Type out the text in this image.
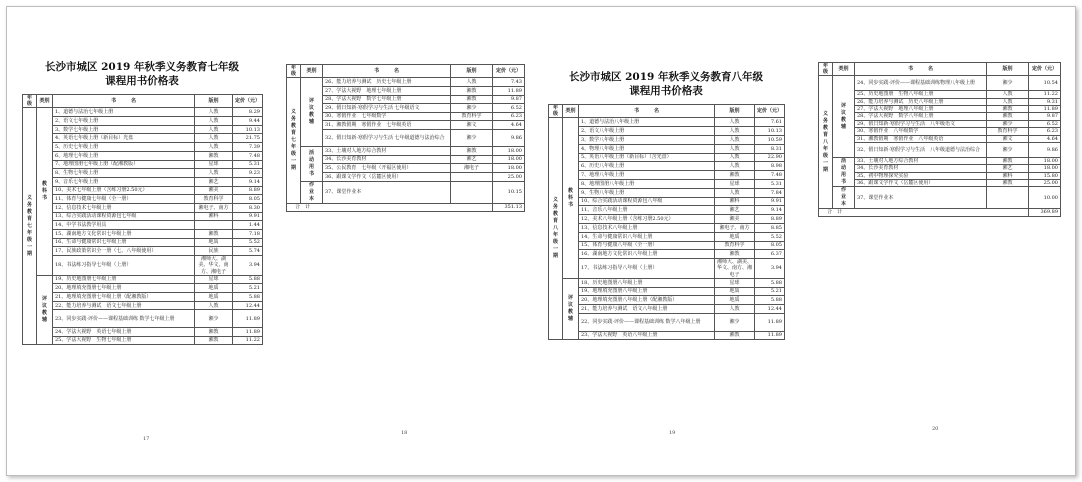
长沙市城区 2019 年秋季义务教育七年级
课程用书价格表
年级	类别	书　　　名	版别	定价（元）
义务教育七年级一期	教科书	1、道德与法治七年级上册	人教	8.29
		2、语文七年级上册	人教	9.44
		3、数学七年级上册	人教	10.13
		4、英语七年级上册（新目标）光盘	人教	21.75
		5、历史七年级上册	人教	7.39
		6、地理七年级上册	湘教	7.48
		7、地理图册七年级上册（配湘教版）	星球	5.31
		8、生物七年级上册	人教	9.23
		9、音乐七年级上册	湘艺	9.14
		10、美术七年级上册（含练习册2.50元）	湘美	8.89
		11、体育与健康七年级（全一册）	教育科学	8.05
		12、信息技术七年级上册	湘电子、南方	8.30
		13、综合实践活动课程资源包七年级	湘科	9.91
		14、中学书法教学用具		1.44
		15、湖南地方文化常识七年级上册	湘教	7.18
		16、生命与健康常识七年级上册	地质	5.52
		17、民族政策常识全一册（七、八年级使用）	民族	5.74
		18、书法练习指导七年级（上册）	湘师大、湖美、华文、南方、湘电子	3.94
	评议教辅	19、历史地图册七年级上册	星球	5.88
		20、地理填充图册七年级上册	地质	5.21
		21、地理填充图册七年级上册（配湘教版）	地质	5.88
		22、能力培养与测试　语文七年级上册	人教	12.44
		23、同步实践·评价——课程基础训练 数学七年级上册	湘少	11.89
		24、学法大视野　英语七年级上册	湘教	11.89
		25、学法大视野　生物七年级上册	湘教	11.22
17
年级	类别	书　　　名	版别	定价（元）
义务教育七年级一期	评议教辅	26、能力培养与测试　历史七年级上册	人教	7.43
		27、学法大视野　地理七年级上册	湘教	11.89
		28、学法大视野　数学七年级上册	湘教	9.87
		29、假日知新·寒假学习与生活 七年级语文	湘少	6.52
		30、寒假作业　七年级数学	教育科学	6.23
		31、湘教假期　寒假作业　七年级英语	湘文	4.64
		32、假日知新·寒假学习与生活 七年级道德与法治综合	湘少	9.86
	活动用书	33、土壤对人地方综合教材	湘教	18.00
		34、长沙美育教材	湘艺	18.00
		35、公民教育　七年级（开福区使用）	湘电子	18.00
		36、跟课文学作文（岳麓区使用）		25.00
	作业本	37、课堂作业本		10.15
合　计				351.13
18
长沙市城区 2019 年秋季义务教育八年级
课程用书价格表
年级	类别	书　　　名	版别	定价（元）
义务教育八年级一期	教科书	1、道德与法治八年级上册	人教	7.61
		2、语文八年级上册	人教	10.13
		3、数学八年级上册	人教	10.59
		4、物理八年级上册	人教	8.31
		5、英语八年级上册（新目标）（含光盘）	人教	22.90
		6、历史八年级上册	人教	8.98
		7、地理八年级上册	湘教	7.48
		8、地理图册八年级上册	星球	5.31
		9、生物八年级上册	人教	7.84
		10、综合实践活动课程资源包八年级	湘科	9.91
		11、音乐八年级上册	湘艺	9.14
		12、美术八年级上册（含练习册2.50元）	湘美	8.89
		13、信息技术八年级上册	湘电子、南方	8.85
		14、生命与健康常识八年级上册	地质	5.52
		15、体育与健康八年级（全一册）	教育科学	8.05
		16、湖南地方文化常识八年级上册	湘教	6.37
		17、书法练习指导八年级（上册）	湘师大、湖美、华文、南方、湘电子	3.94
	评议教辅	18、历史地图册八年级上册	星球	5.88
		19、地理填充图册八年级上册	地质	5.21
		20、地理填充图册八年级上册（配湘教版）	地质	5.88
		21、能力培养与测试　语文八年级上册	人教	12.44
		22、同步实践·评价——课程基础训练 数学八年级上册	湘少	11.89
		23、学法大视野　英语八年级上册	湘教	11.89
19
年级	类别	书　　　名	版别	定价（元）
义务教育八年级一期	评议教辅	24、同步实践·评价——课程基础训练物理八年级上册	湘少	10.54
		25、历史地图册　生物八年级上册	人教	11.22
		26、能力培养与测试　历史八年级上册	人教	9.31
		27、学法大视野　地理八年级上册	湘教	11.89
		28、学法大视野　数学八年级上册	湘教	9.87
		29、假日知新·寒假学习与生活　八年级语文	湘少	6.52
		30、寒假作业　八年级数学	教育科学	6.23
		31、湘教假期　寒假作业　八年级英语	湘文	4.64
		32、假日知新·寒假学习与生活　八年级道德与法治综合	湘少	9.86
	活动用书	33、土壤对人地方综合教材	湘教	18.00
		34、长沙美育教材	湘艺	18.00
		35、初中物理探究实验	湘科	15.80
		36、跟课文学作文（岳麓区使用）	湘教	25.00
	作业本	37、课堂作业本		10.00
合　计				369.89
20
